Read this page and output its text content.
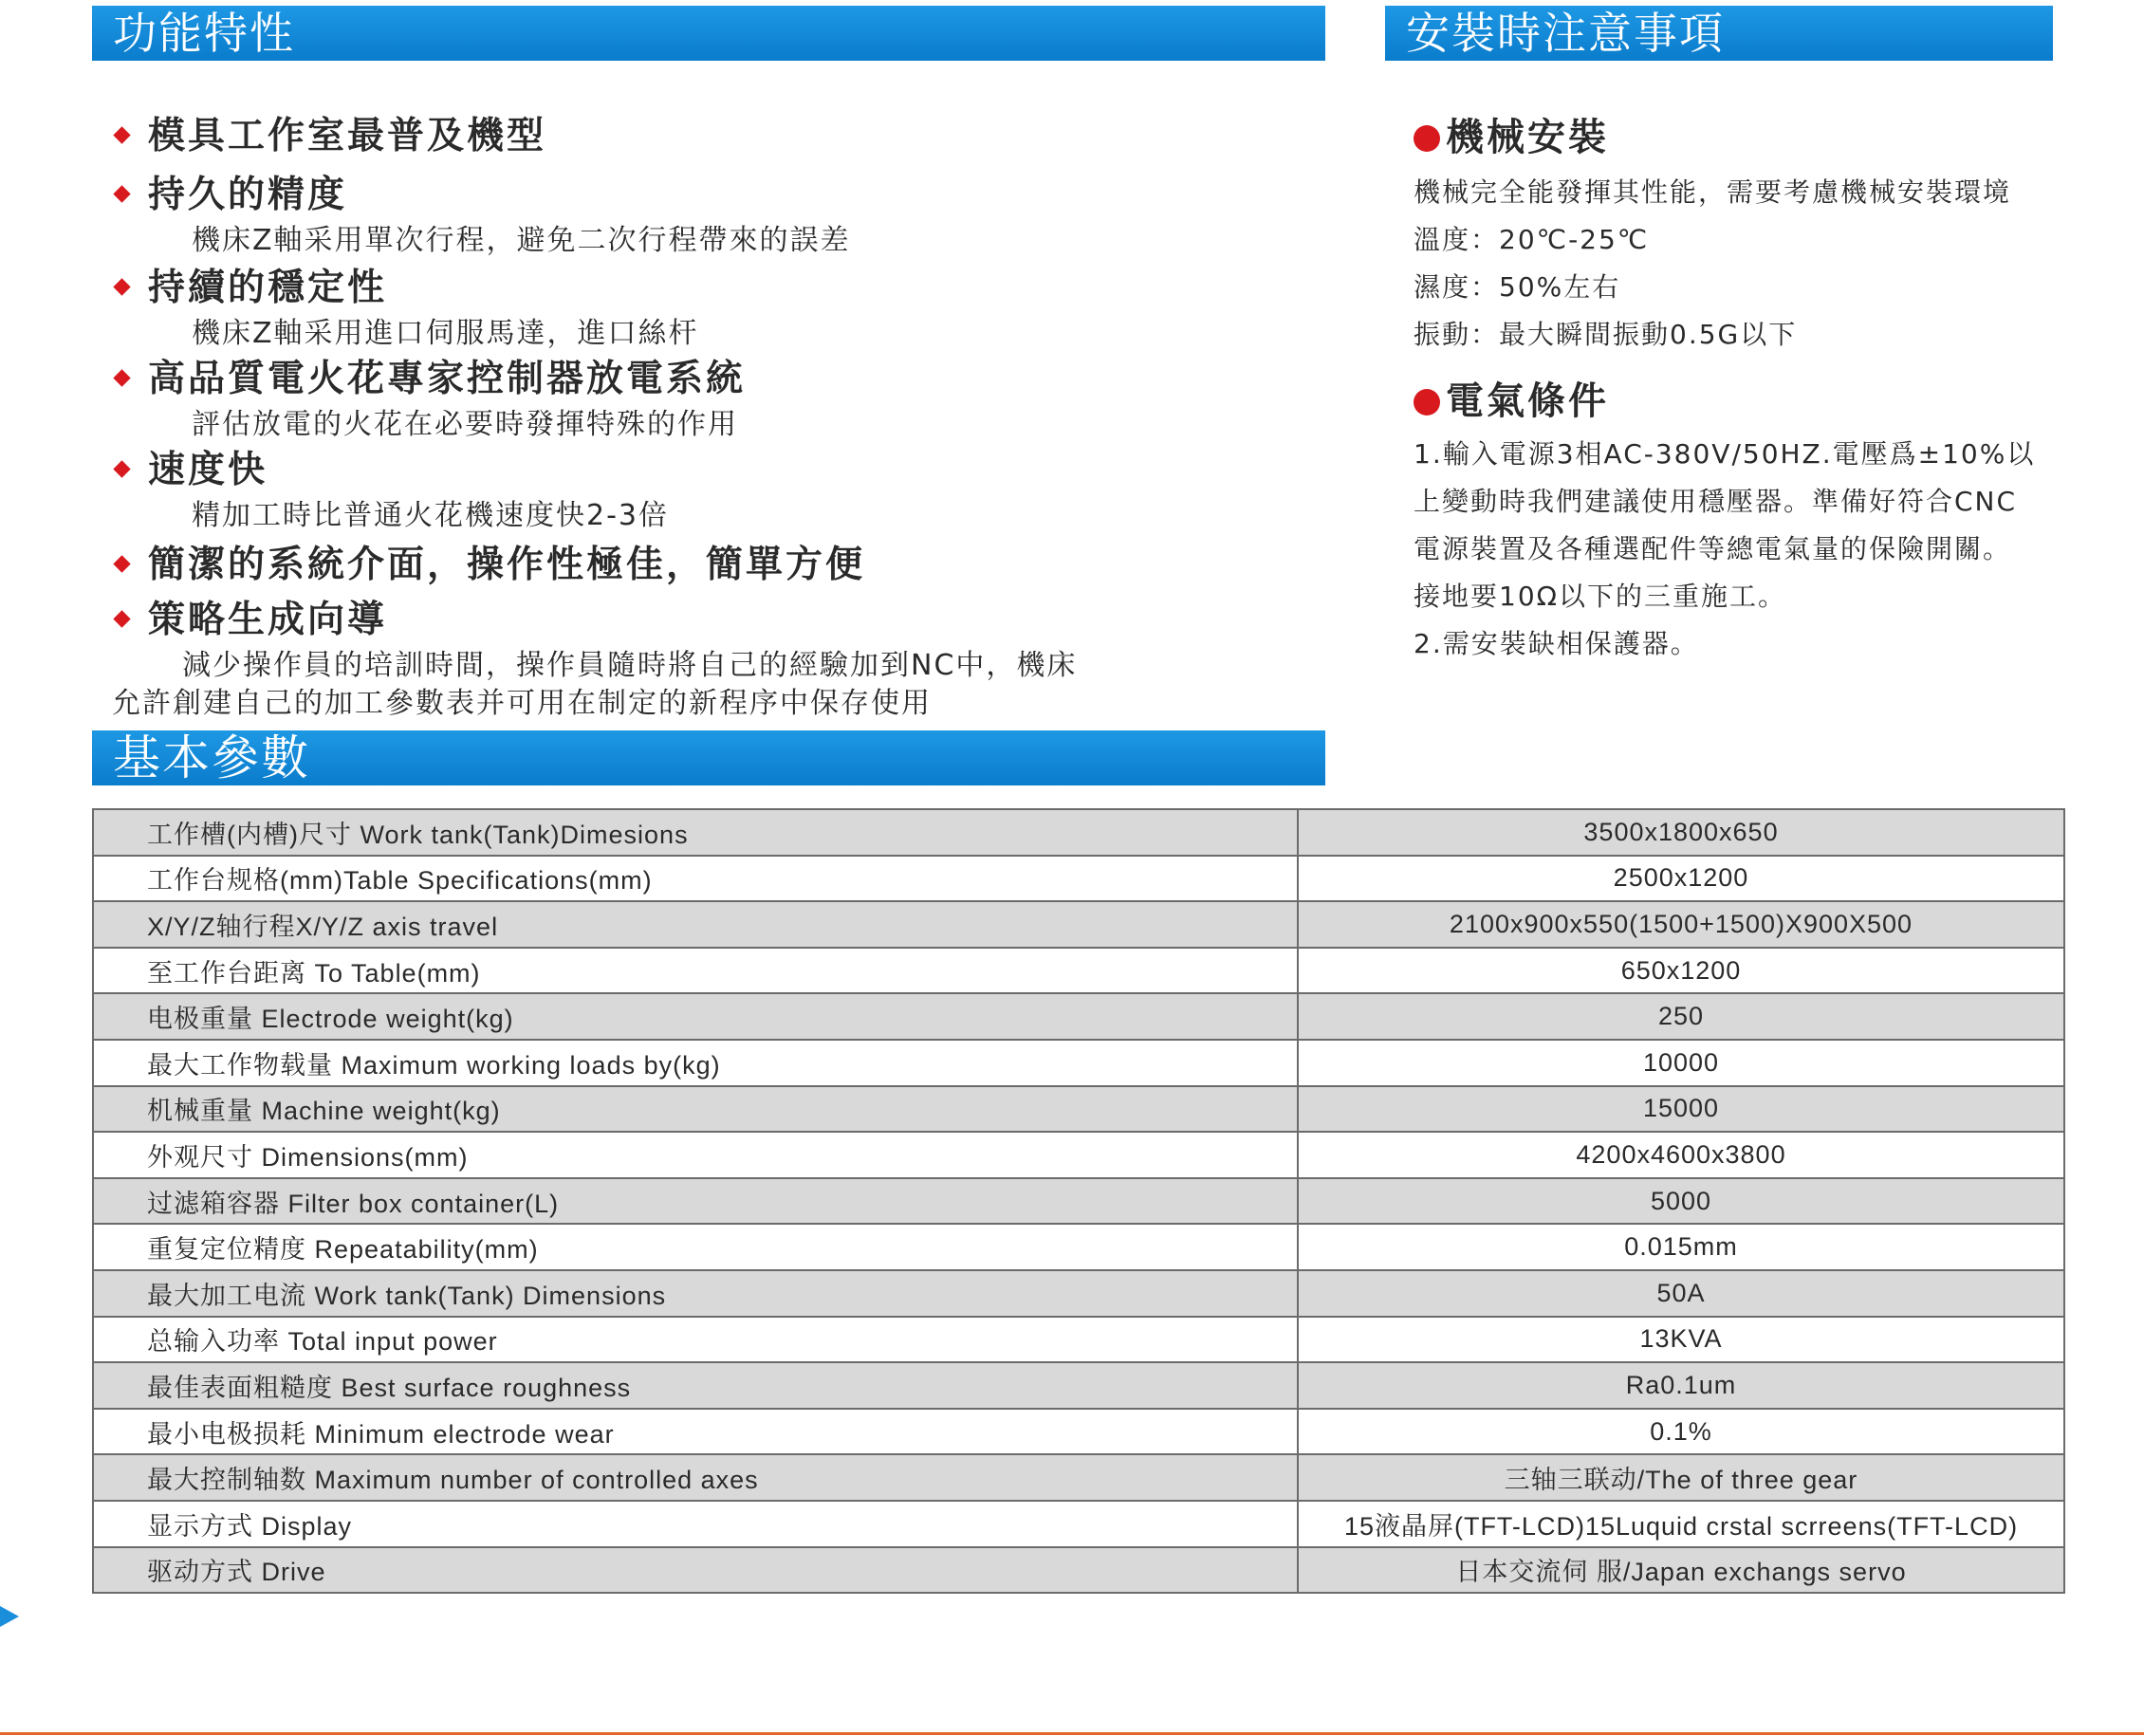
功能特性	安裝時注意事項
基本參數
模具工作室最普及機型
持久的精度
機床Z軸采用單次行程，避免二次行程帶來的誤差
持續的穩定性
機床Z軸采用進口伺服馬達，進口絲杆
高品質電火花專家控制器放電系統
評估放電的火花在必要時發揮特殊的作用
速度快
精加工時比普通火花機速度快2-3倍
簡潔的系統介面，操作性極佳，簡單方便
策略生成向導
減少操作員的培訓時間，操作員隨時將自己的經驗加到NC中，機床
允許創建自己的加工參數表并可用在制定的新程序中保存使用
機械安裝
機械完全能發揮其性能，需要考慮機械安裝環境
溫度：20℃-25℃
濕度：50%左右
振動：最大瞬間振動0.5G以下
電氣條件
1.輸入電源3相AC-380V/50HZ.電壓爲±10%以
上變動時我們建議使用穩壓器。準備好符合CNC
電源裝置及各種選配件等總電氣量的保險開關。
接地要10Ω以下的三重施工。
2.需安裝缺相保護器。
工作槽(内槽)尺寸 Work tank(Tank)Dimesions	3500x1800x650
工作台规格(mm)Table Specifications(mm)	2500x1200
X/Y/Z轴行程X/Y/Z axis travel	2100x900x550(1500+1500)X900X500
至工作台距离 To Table(mm)	650x1200
电极重量 Electrode weight(kg)	250
最大工作物载量 Maximum working loads by(kg)	10000
机械重量 Machine weight(kg)	15000
外观尺寸 Dimensions(mm)	4200x4600x3800
过滤箱容器 Filter box container(L)	5000
重复定位精度 Repeatability(mm)	0.015mm
最大加工电流 Work tank(Tank) Dimensions	50A
总输入功率 Total input power	13KVA
最佳表面粗糙度 Best surface roughness	Ra0.1um
最小电极损耗 Minimum electrode wear	0.1%
最大控制轴数 Maximum number of controlled axes	三轴三联动/The of three gear
显示方式 Display	15液晶屏(TFT-LCD)15Luquid crstal scrreens(TFT-LCD)
驱动方式 Drive	日本交流伺 服/Japan exchangs servo
